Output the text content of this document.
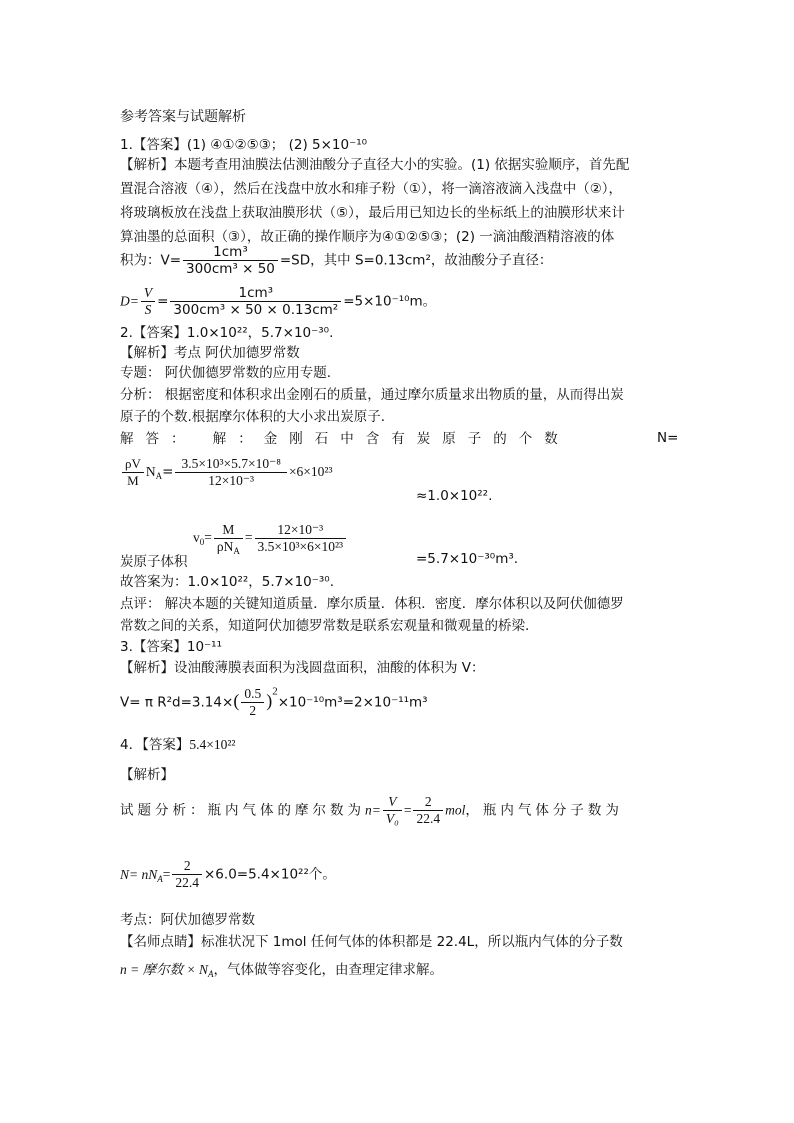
参考答案与试题解析
1.【答案】(1) ④①②⑤③； (2) 5×10⁻¹⁰
【解析】本题考查用油膜法估测油酸分子直径大小的实验。(1) 依据实验顺序，首先配
置混合溶液（④），然后在浅盘中放水和痱子粉（①），将一滴溶液滴入浅盘中（②），
将玻璃板放在浅盘上获取油膜形状（⑤），最后用已知边长的坐标纸上的油膜形状来计
算油墨的总面积（③），故正确的操作顺序为④①②⑤③；(2) 一滴油酸酒精溶液的体
积为：$V= \frac{\text{1cm³}}{\text{300cm³ × 50}} =SD$，其中 S=0.13cm²，故油酸分子直径：
$D= \frac{V}{S} = \frac{\text{1cm³}}{\text{300cm³ × 50 × 0.13cm²}} =5\times 10^{-10}m$。
2.【答案】1.0×10²²，5.7×10⁻³⁰.
【解析】考点 阿伏加德罗常数
专题： 阿伏伽德罗常数的应用专题.
分析： 根据密度和体积求出金刚石的质量，通过摩尔质量求出物质的量，从而得出炭
原子的个数.根据摩尔体积的大小求出炭原子.
解答： 解：金刚石中含有炭原子的个数	N=
$\frac{\rho V}{M} N_A= \frac{\text{3.5×10³×5.7×10⁻⁸}}{\text{12×10⁻³}} \times 6\times 10^{23}$
≈1.0×10²².
炭原子体积
$v_0= \frac{M}{\rho N_A} = \frac{\text{12×10⁻³}}{\text{3.5×10³×6×10²³}}$
=5.7×10⁻³⁰m³.
故答案为：1.0×10²²，5.7×10⁻³⁰.
点评： 解决本题的关键知道质量．摩尔质量．体积．密度．摩尔体积以及阿伏伽德罗
常数之间的关系，知道阿伏加德罗常数是联系宏观量和微观量的桥梁.
3.【答案】10⁻¹¹
【解析】设油酸薄膜表面积为浅圆盘面积，油酸的体积为 V：
V= π $R^2d=3.14\times( \frac{0.5}{2} )^2\times 10^{-10}m^3=2\times 10^{-11}m^3$
4．【答案】5.4×10²²
【解析】
试题分析：瓶内气体的摩尔数为$n= \frac{V}{\text{V₀}} = \frac{2}{22.4}$ mol，瓶内气体分子数为
$N= nN_A= \frac{2}{22.4} \times 6.0=5.4\times 10^{22}$个。
考点：阿伏加德罗常数
【名师点睛】标准状况下 1mol 任何气体的体积都是 22.4L，所以瓶内气体的分子数
n = 摩尔数 × $N_A$，气体做等容变化，由查理定律求解。
